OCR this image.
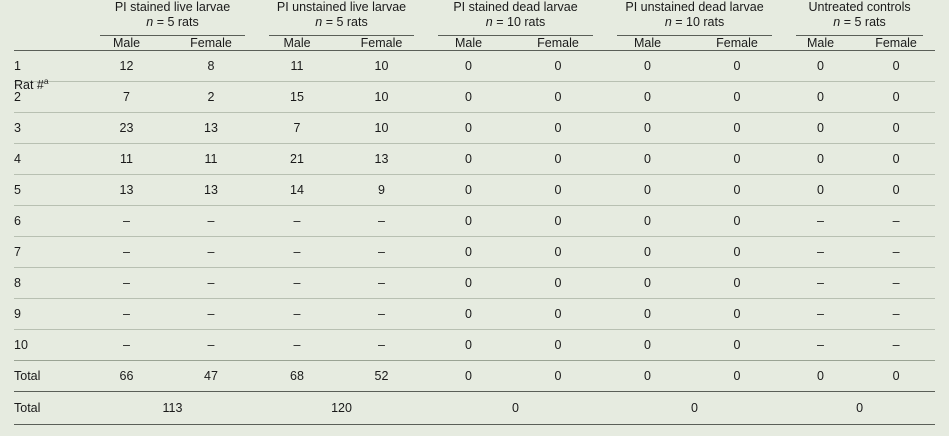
	PI stained live larvae
n = 5 rats		PI unstained live larvae
n = 5 rats		PI stained dead larvae
n = 10 rats		PI unstained dead larvae
n = 10 rats		Untreated controls
n = 5 rats	

	Male	Female	Male	Female	Male	Female	Male	Female	Male	Female
1	12	8	11	10	0	0	0	0	0	0
2	7	2	15	10	0	0	0	0	0	0
3	23	13	7	10	0	0	0	0	0	0
4	11	11	21	13	0	0	0	0	0	0
5	13	13	14	9	0	0	0	0	0	0
6	–	–	–	–	0	0	0	0	–	–
7	–	–	–	–	0	0	0	0	–	–
8	–	–	–	–	0	0	0	0	–	–
9	–	–	–	–	0	0	0	0	–	–
10	–	–	–	–	0	0	0	0	–	–
Total	66	47	68	52	0	0	0	0	0	0
Total	113		120		0		0		0	
Rat #$^a$
